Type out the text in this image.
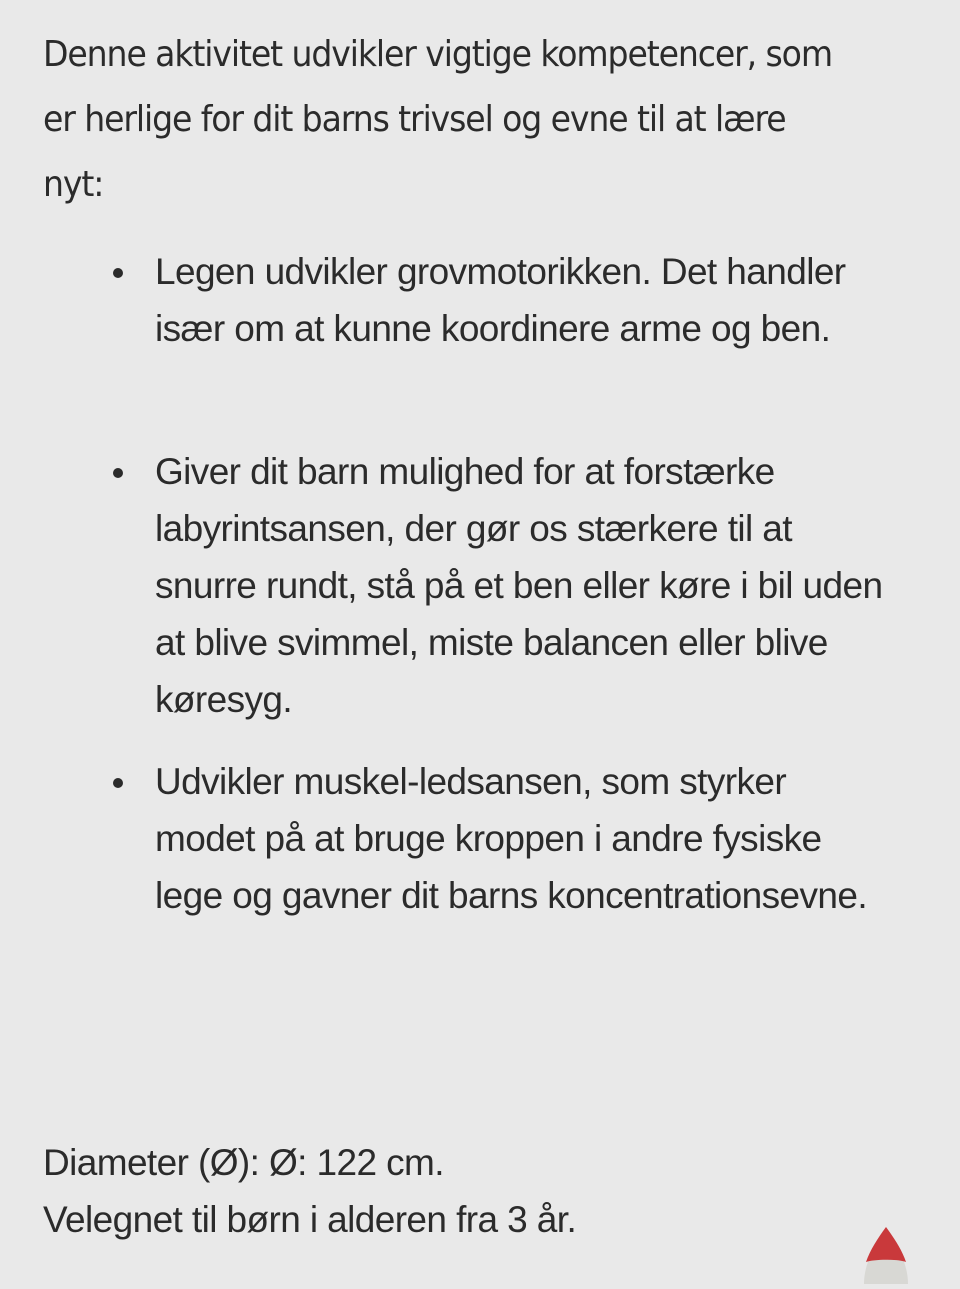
Denne aktivitet udvikler vigtige kompetencer, som er herlige for dit barns trivsel og evne til at lære nyt:
Legen udvikler grovmotorikken. Det handler især om at kunne koordinere arme og ben.
Giver dit barn mulighed for at forstærke labyrintsansen, der gør os stærkere til at snurre rundt, stå på et ben eller køre i bil uden at blive svimmel, miste balancen eller blive køresyg.
Udvikler muskel-ledsansen, som styrker modet på at bruge kroppen i andre fysiske lege og gavner dit barns koncentrationsevne.
Diameter (Ø): Ø: 122 cm.
Velegnet til børn i alderen fra 3 år.
